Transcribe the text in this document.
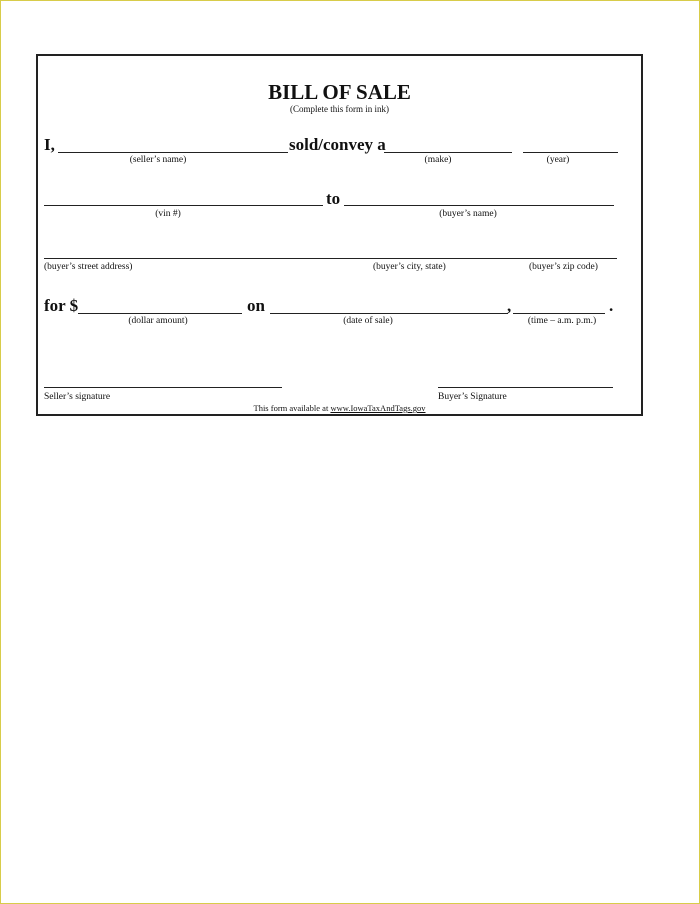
BILL OF SALE
(Complete this form in ink)
I,	sold/convey a
(seller’s name)	(make)	(year)
to
(vin #)	(buyer’s name)
(buyer’s street address)	(buyer’s city, state)	(buyer’s zip code)
for $	on	,	.
(dollar amount)	(date of sale)	(time – a.m. p.m.)
Seller’s signature	Buyer’s Signature
This form available at www.IowaTaxAndTags.gov
